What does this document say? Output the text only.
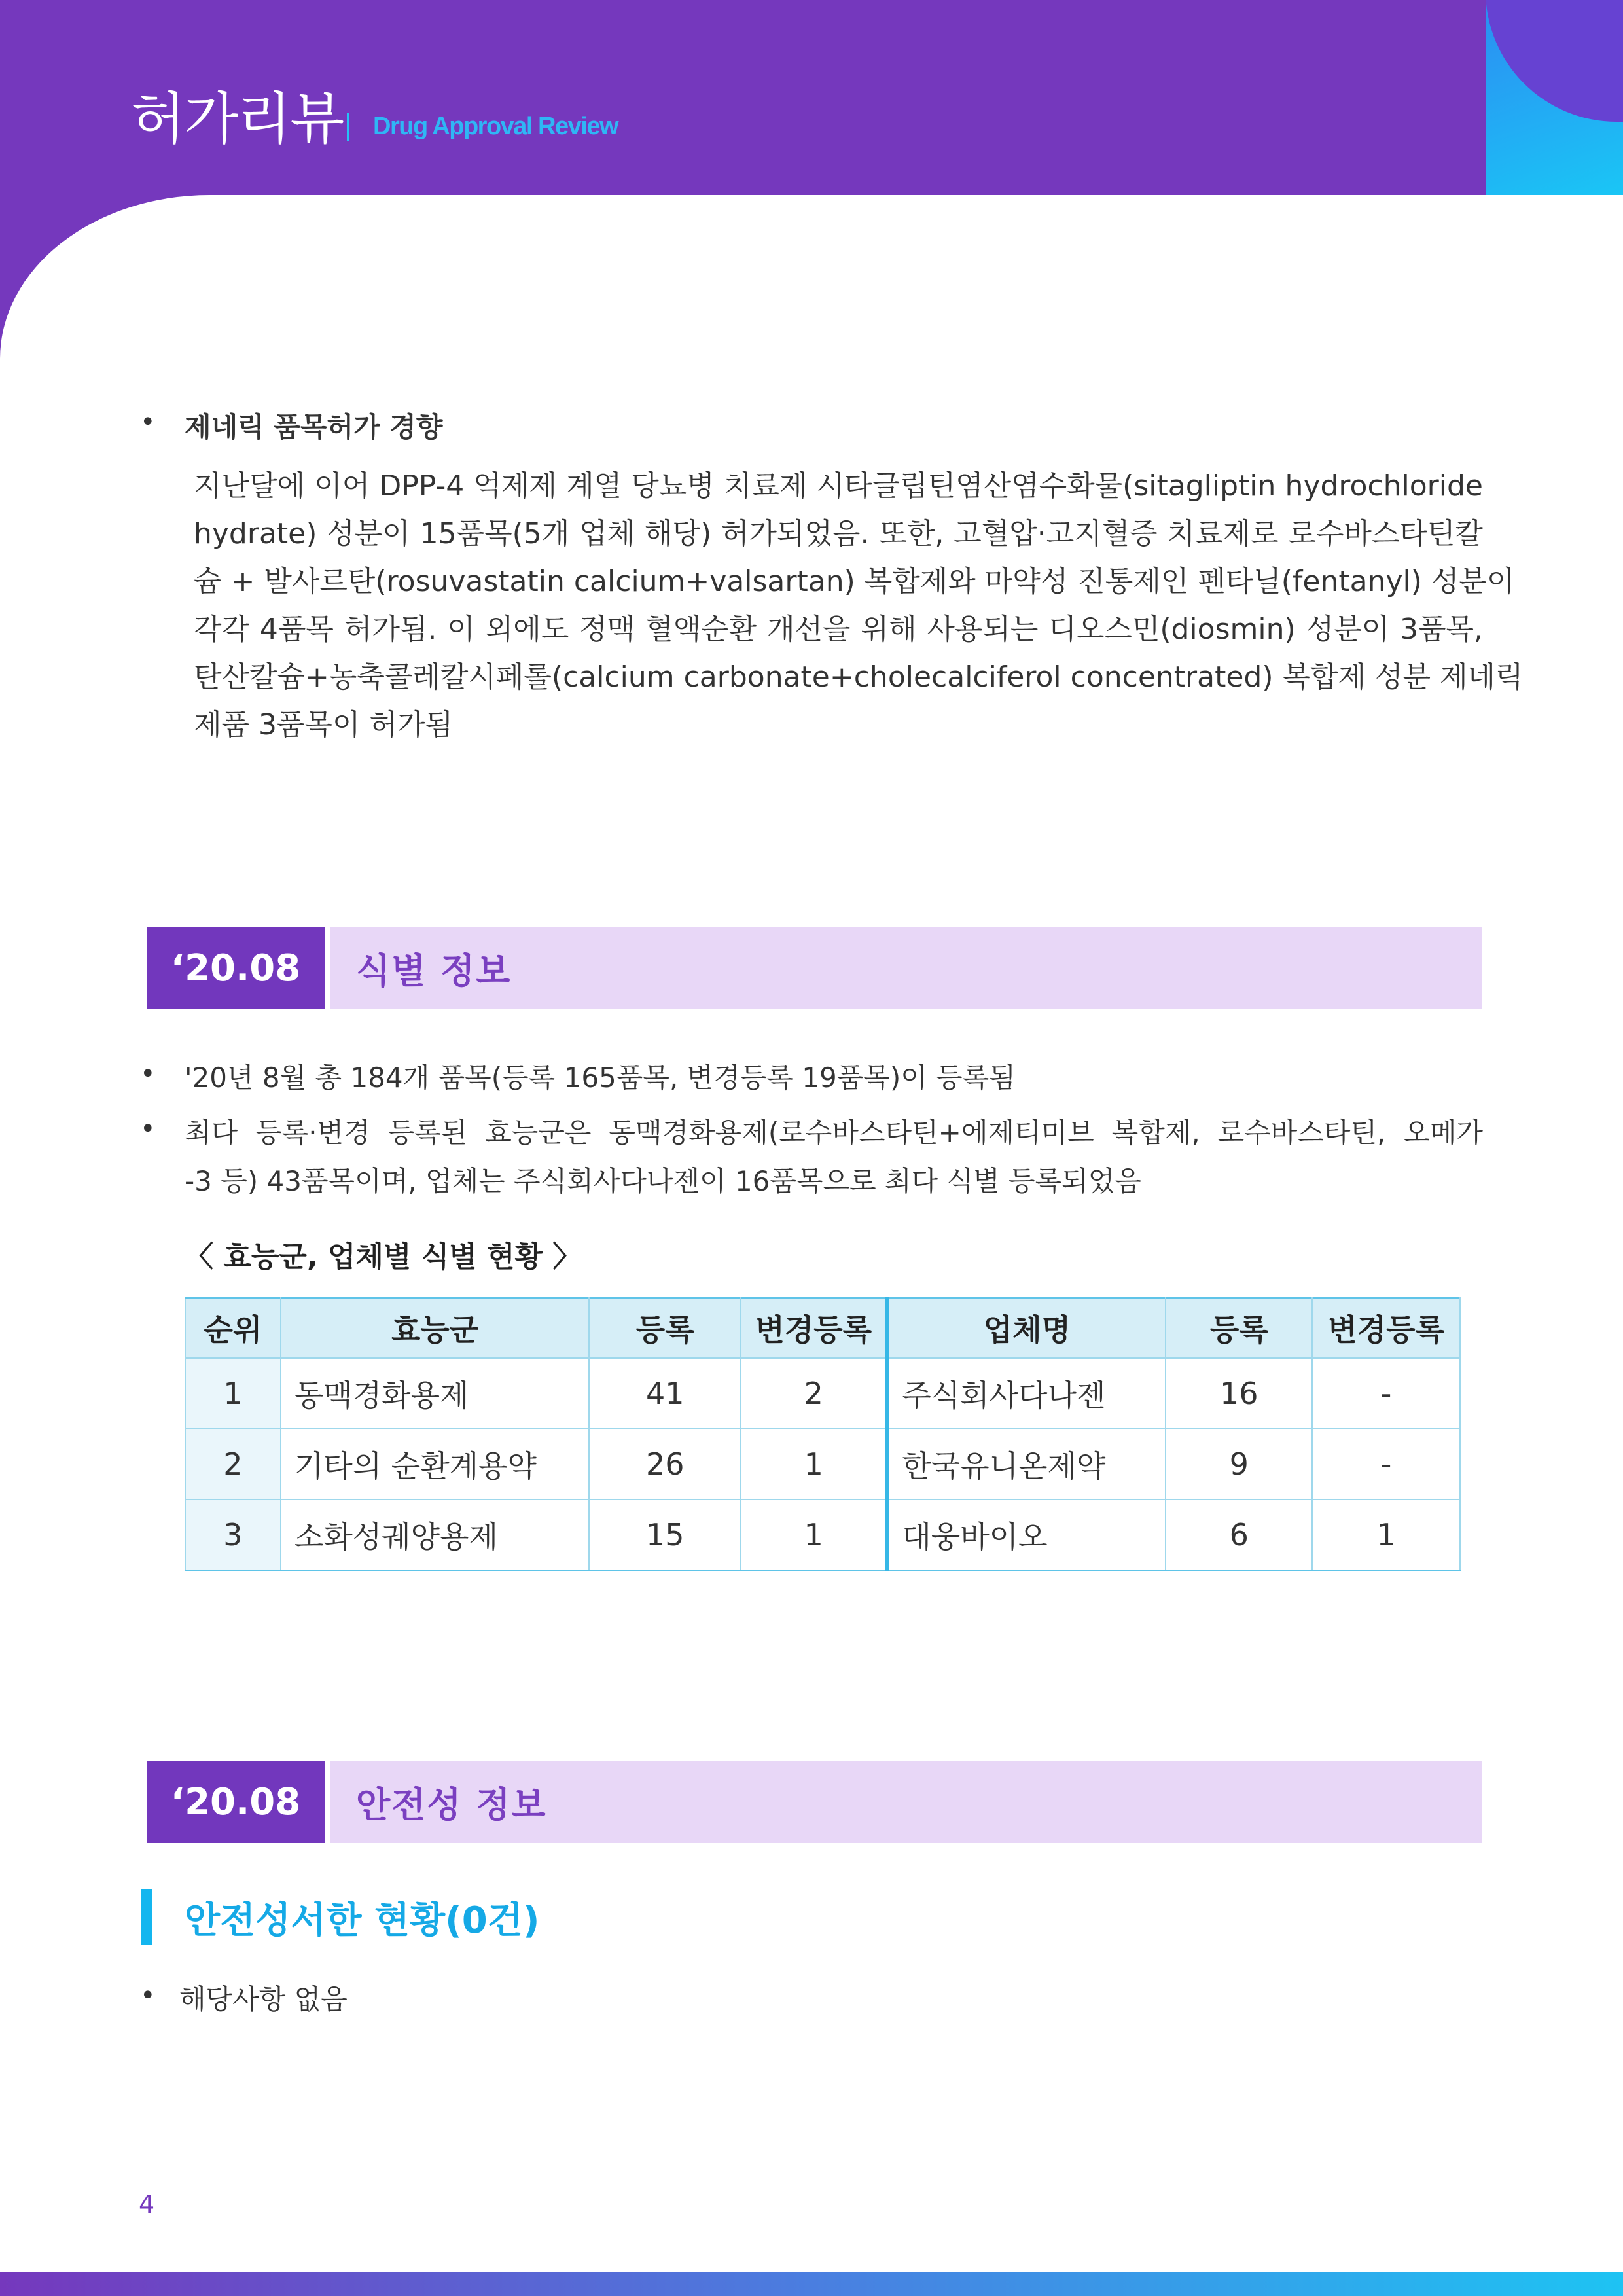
허가리뷰 Drug Approval Review
• 제네릭 품목허가 경향
지난달에 이어 DPP-4 억제제 계열 당뇨병 치료제 시타글립틴염산염수화물(sitagliptin hydrochloride
hydrate) 성분이 15품목(5개 업체 해당) 허가되었음. 또한, 고혈압·고지혈증 치료제로 로수바스타틴칼
슘 + 발사르탄(rosuvastatin calcium+valsartan) 복합제와 마약성 진통제인 펜타닐(fentanyl) 성분이
각각 4품목 허가됨. 이 외에도 정맥 혈액순환 개선을 위해 사용되는 디오스민(diosmin) 성분이 3품목,
탄산칼슘+농축콜레칼시페롤(calcium carbonate+cholecalciferol concentrated) 복합제 성분 제네릭
제품 3품목이 허가됨
‘20.08	식별 정보
• '20년 8월 총 184개 품목(등록 165품목, 변경등록 19품목)이 등록됨
• 최다 등록·변경 등록된 효능군은 동맥경화용제(로수바스타틴+에제티미브 복합제, 로수바스타틴, 오메가
-3 등) 43품목이며, 업체는 주식회사다나젠이 16품목으로 최다 식별 등록되었음
〈 효능군, 업체별 식별 현황 〉
순위	효능군	등록	변경등록	업체명	등록	변경등록
1	동맥경화용제	41	2	주식회사다나젠	16	-
2	기타의 순환계용약	26	1	한국유니온제약	9	-
3	소화성궤양용제	15	1	대웅바이오	6	1
‘20.08	안전성 정보
안전성서한 현황(0건)
• 해당사항 없음
4
